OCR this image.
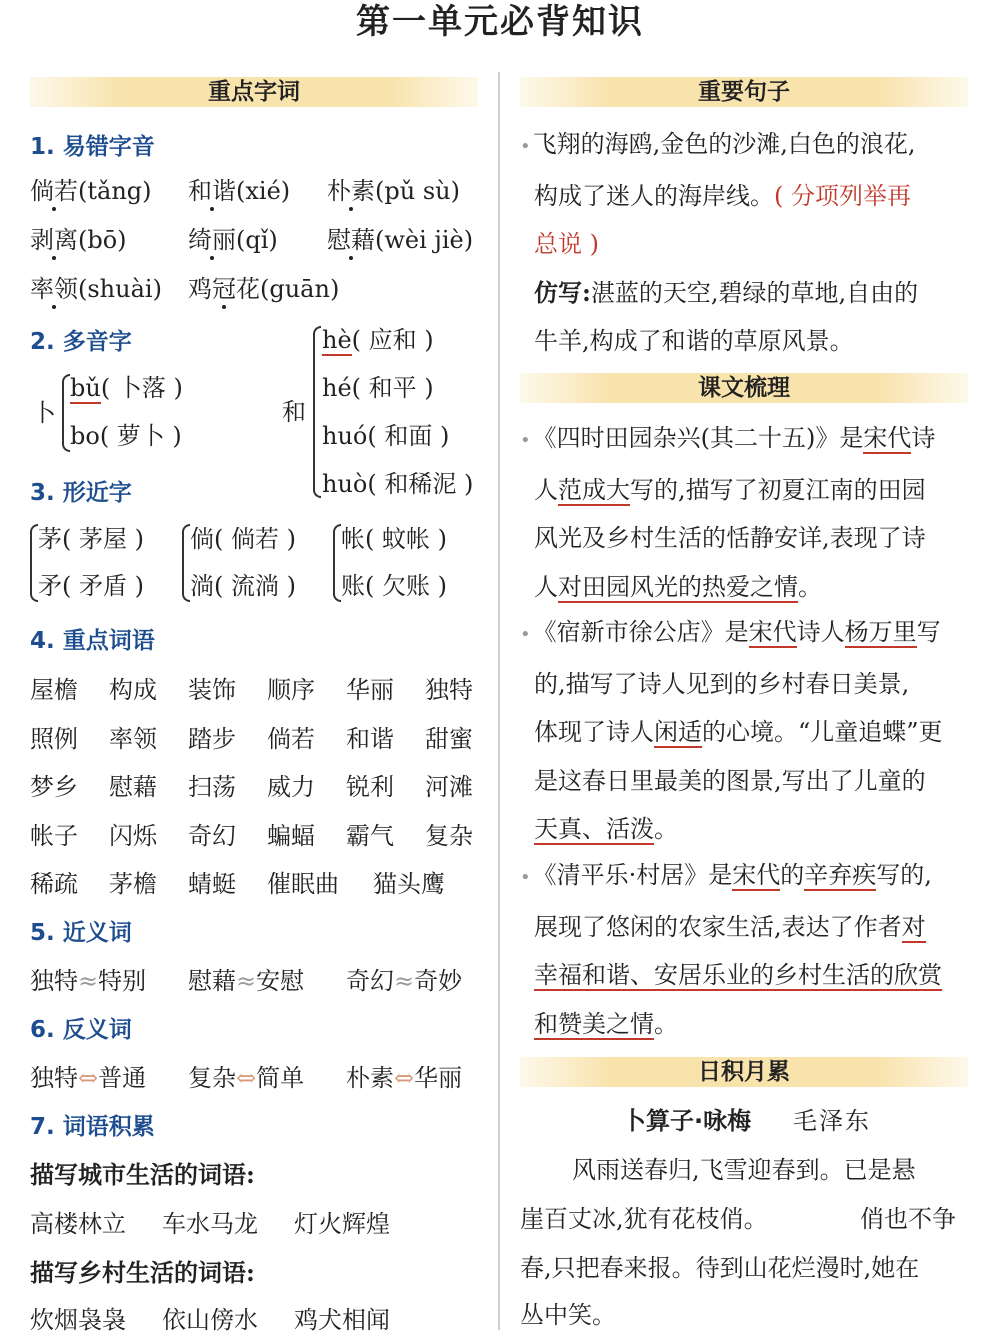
第一单元必背知识
重点字词
1. 易错字音
倘若(tǎng) 和谐(xié) 朴素(pǔ sù)
剥离(bō)	绮丽(qǐ) 慰藉(wèi jiè)
率领(shuài) 鸡冠花(guān)
2. 多音字
卜
bǔ( 卜落 )
bo( 萝卜 )
和
hè( 应和 )
hé( 和平 )
huó( 和面 )
huò( 和稀泥 )
3. 形近字
茅( 茅屋 )
矛( 矛盾 )
倘( 倘若 )
淌( 流淌 )
帐( 蚊帐 )
账( 欠账 )
4. 重点词语
屋檐 构成 装饰 顺序 华丽 独特
照例 率领 踏步 倘若 和谐 甜蜜
梦乡 慰藉 扫荡 威力 锐利 河滩
帐子 闪烁 奇幻 蝙蝠 霸气 复杂
稀疏 茅檐 蜻蜓 催眠曲 猫头鹰
5. 近义词
独特≈特别 慰藉≈安慰 奇幻≈奇妙
6. 反义词
独特⇔普通 复杂⇔简单 朴素⇔华丽
7. 词语积累
描写城市生活的词语:
高楼林立 车水马龙 灯火辉煌
描写乡村生活的词语:
炊烟袅袅 依山傍水 鸡犬相闻
重要句子
•飞翔的海鸥,金色的沙滩,白色的浪花,
构成了迷人的海岸线。( 分项列举再
总说 )
仿写:湛蓝的天空,碧绿的草地,自由的
牛羊,构成了和谐的草原风景。
课文梳理
•《四时田园杂兴(其二十五)》是宋代诗
人范成大写的,描写了初夏江南的田园
风光及乡村生活的恬静安详,表现了诗
人对田园风光的热爱之情。
•《宿新市徐公店》是宋代诗人杨万里写
的,描写了诗人见到的乡村春日美景,
体现了诗人闲适的心境。“儿童追蝶”更
是这春日里最美的图景,写出了儿童的
天真、活泼。
•《清平乐·村居》是宋代的辛弃疾写的,
展现了悠闲的农家生活,表达了作者对
幸福和谐、安居乐业的乡村生活的欣赏
和赞美之情。
日积月累
卜算子·咏梅 毛泽东
风雨送春归,飞雪迎春到。已是悬
崖百丈冰,犹有花枝俏。	俏也不争
春,只把春来报。待到山花烂漫时,她在
丛中笑。
